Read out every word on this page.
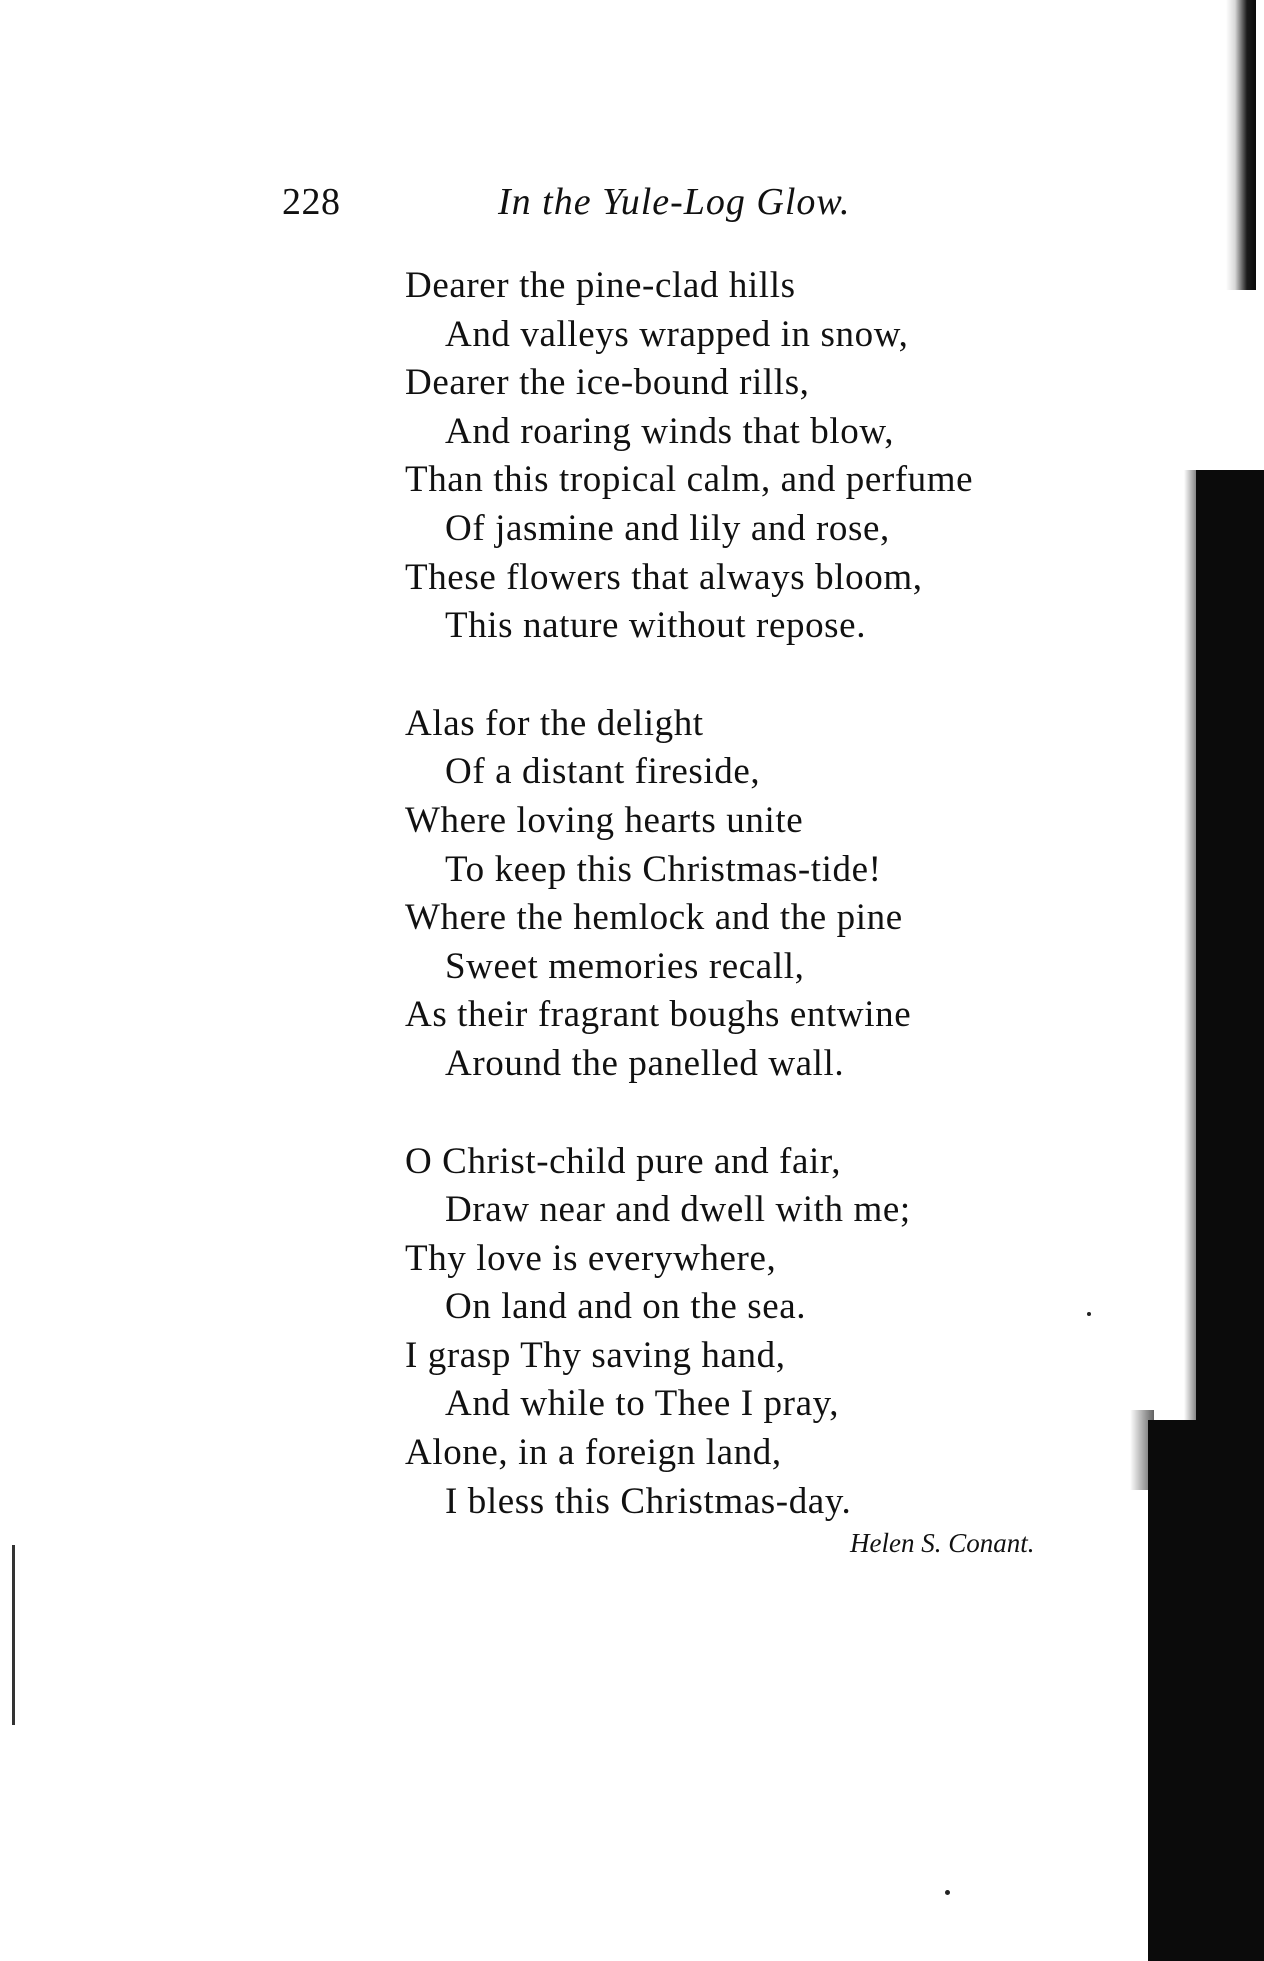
228	In the Yule-Log Glow.
Dearer the pine-clad hills
And valleys wrapped in snow,
Dearer the ice-bound rills,
And roaring winds that blow,
Than this tropical calm, and perfume
Of jasmine and lily and rose,
These flowers that always bloom,
This nature without repose.
Alas for the delight
Of a distant fireside,
Where loving hearts unite
To keep this Christmas-tide!
Where the hemlock and the pine
Sweet memories recall,
As their fragrant boughs entwine
Around the panelled wall.
O Christ-child pure and fair,
Draw near and dwell with me;
Thy love is everywhere,
On land and on the sea.
I grasp Thy saving hand,
And while to Thee I pray,
Alone, in a foreign land,
I bless this Christmas-day.
Helen S. Conant.
